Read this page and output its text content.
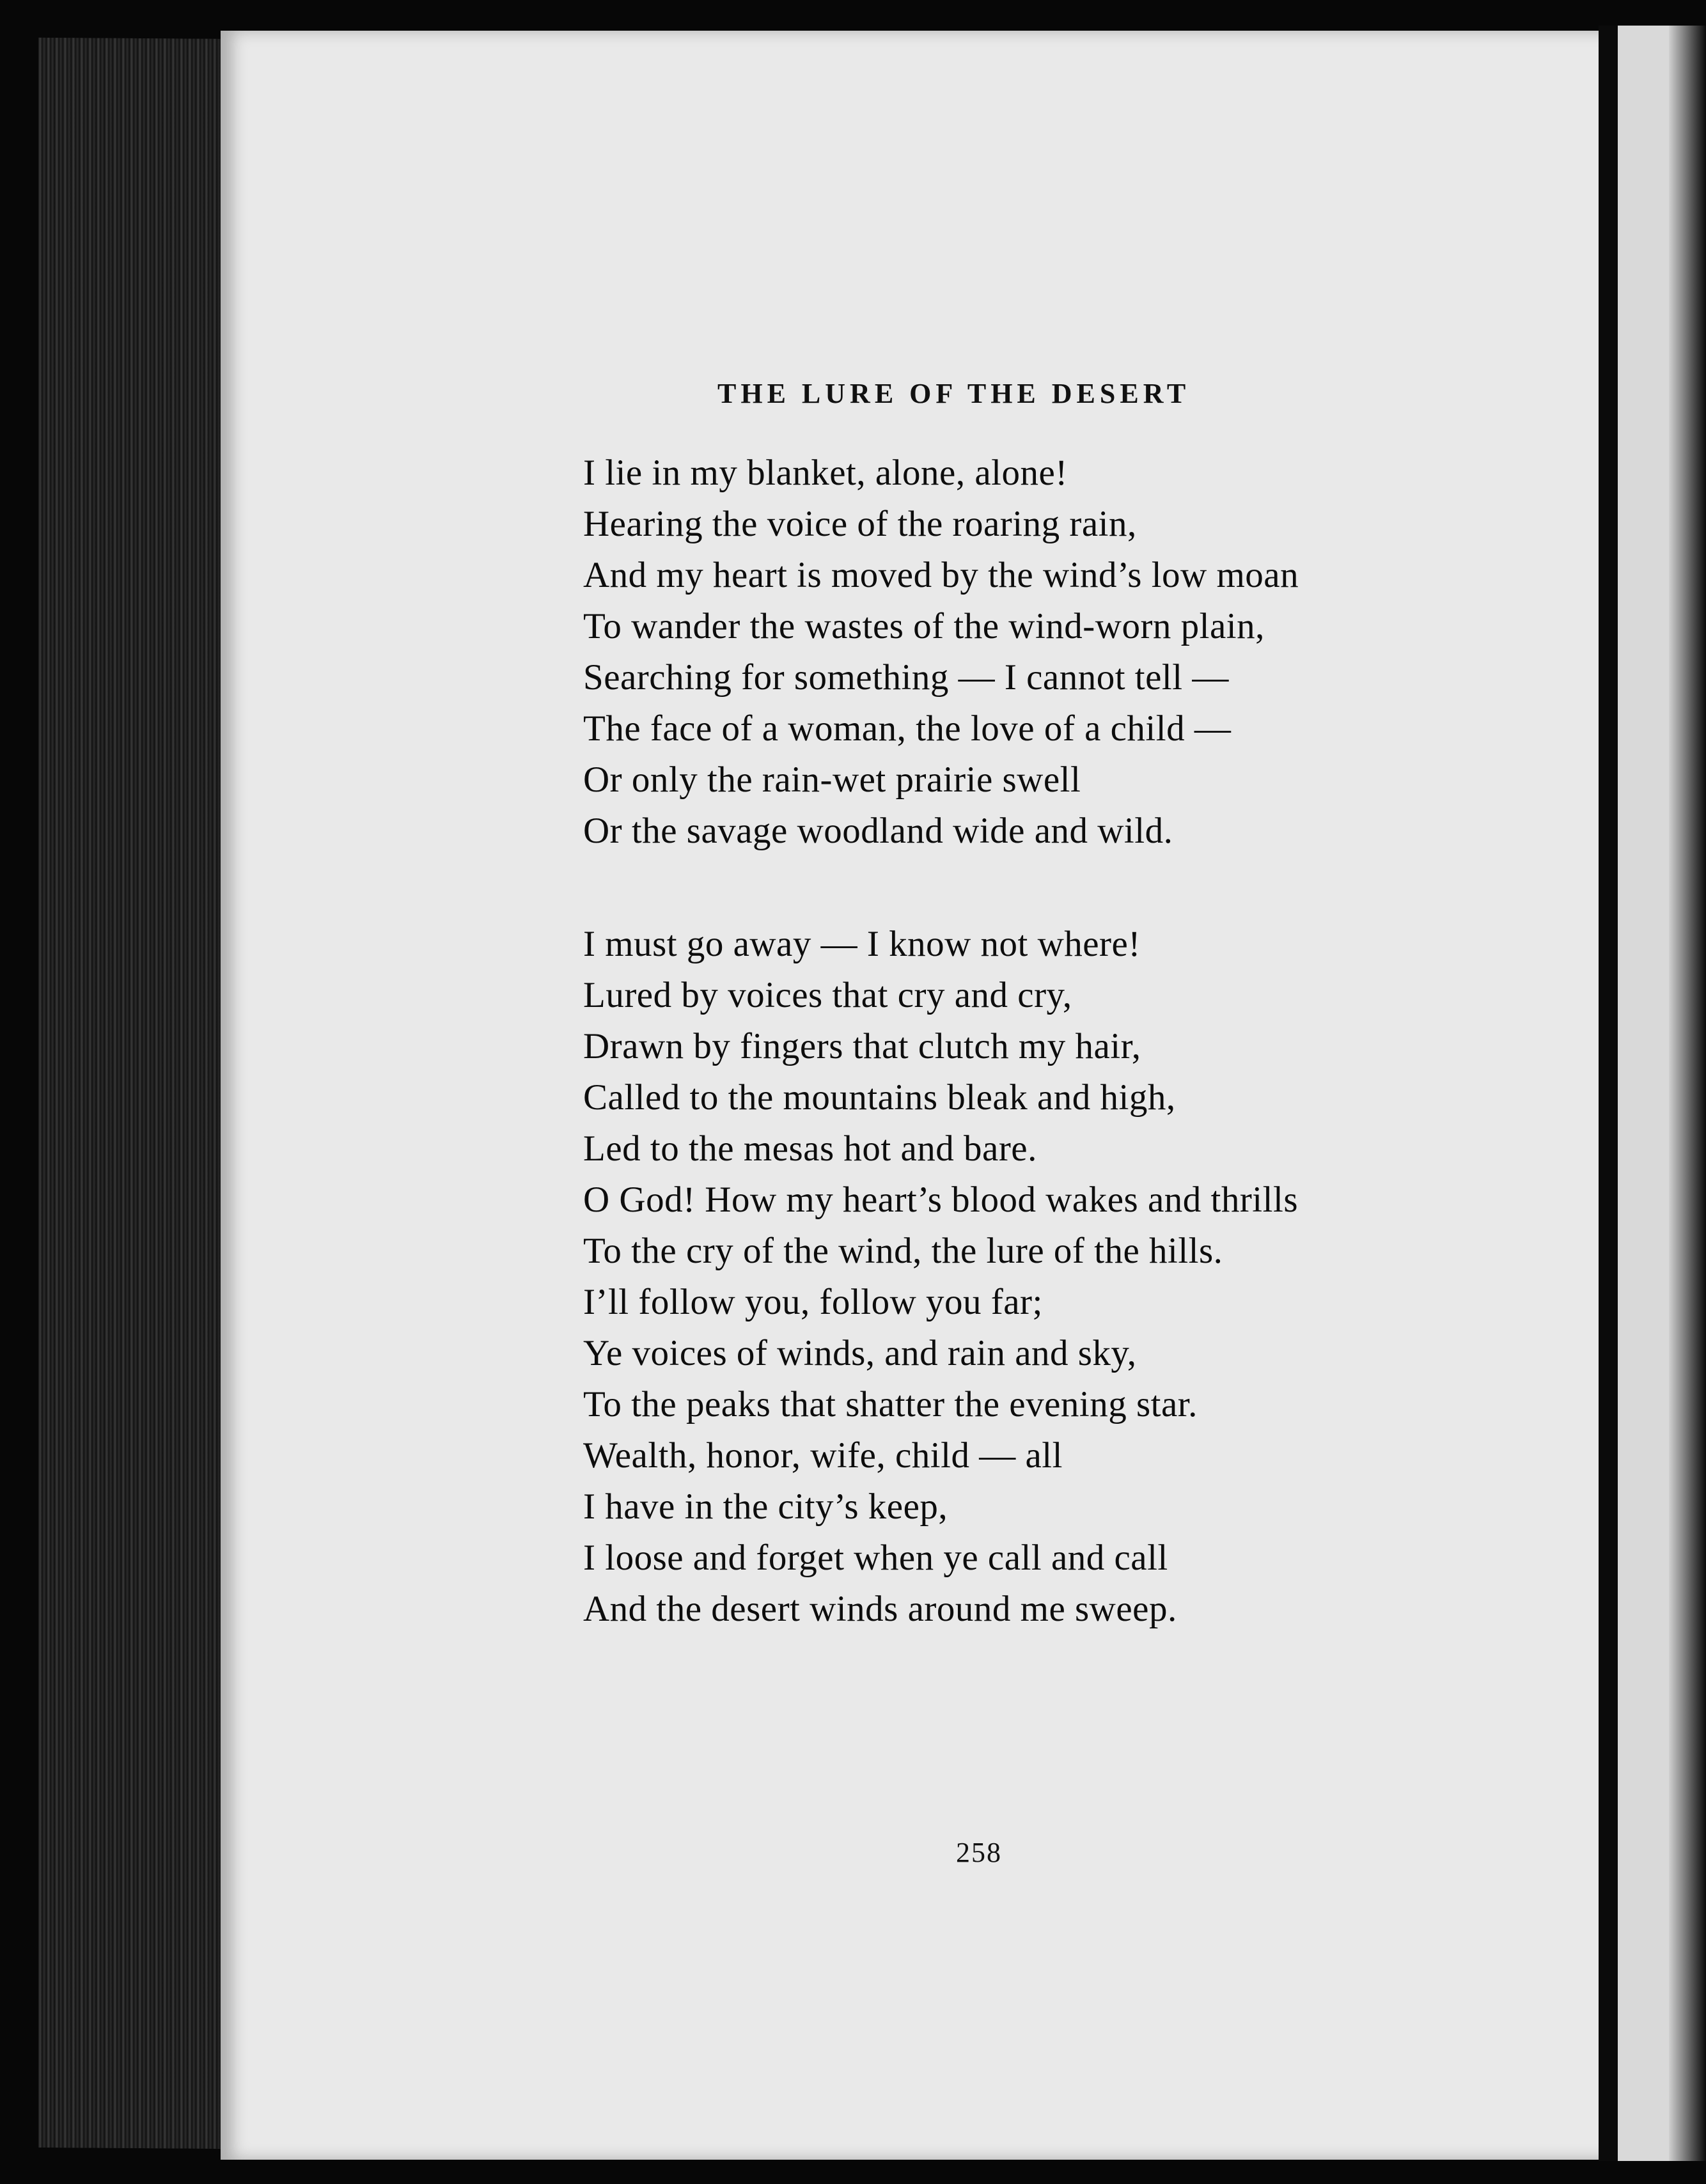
THE LURE OF THE DESERT
I lie in my blanket, alone, alone!
Hearing the voice of the roaring rain,
And my heart is moved by the wind’s low moan
To wander the wastes of the wind-worn plain,
Searching for something — I cannot tell —
The face of a woman, the love of a child —
Or only the rain-wet prairie swell
Or the savage woodland wide and wild.
I must go away — I know not where!
Lured by voices that cry and cry,
Drawn by fingers that clutch my hair,
Called to the mountains bleak and high,
Led to the mesas hot and bare.
O God! How my heart’s blood wakes and thrills
To the cry of the wind, the lure of the hills.
I’ll follow you, follow you far;
Ye voices of winds, and rain and sky,
To the peaks that shatter the evening star.
Wealth, honor, wife, child — all
I have in the city’s keep,
I loose and forget when ye call and call
And the desert winds around me sweep.
258
